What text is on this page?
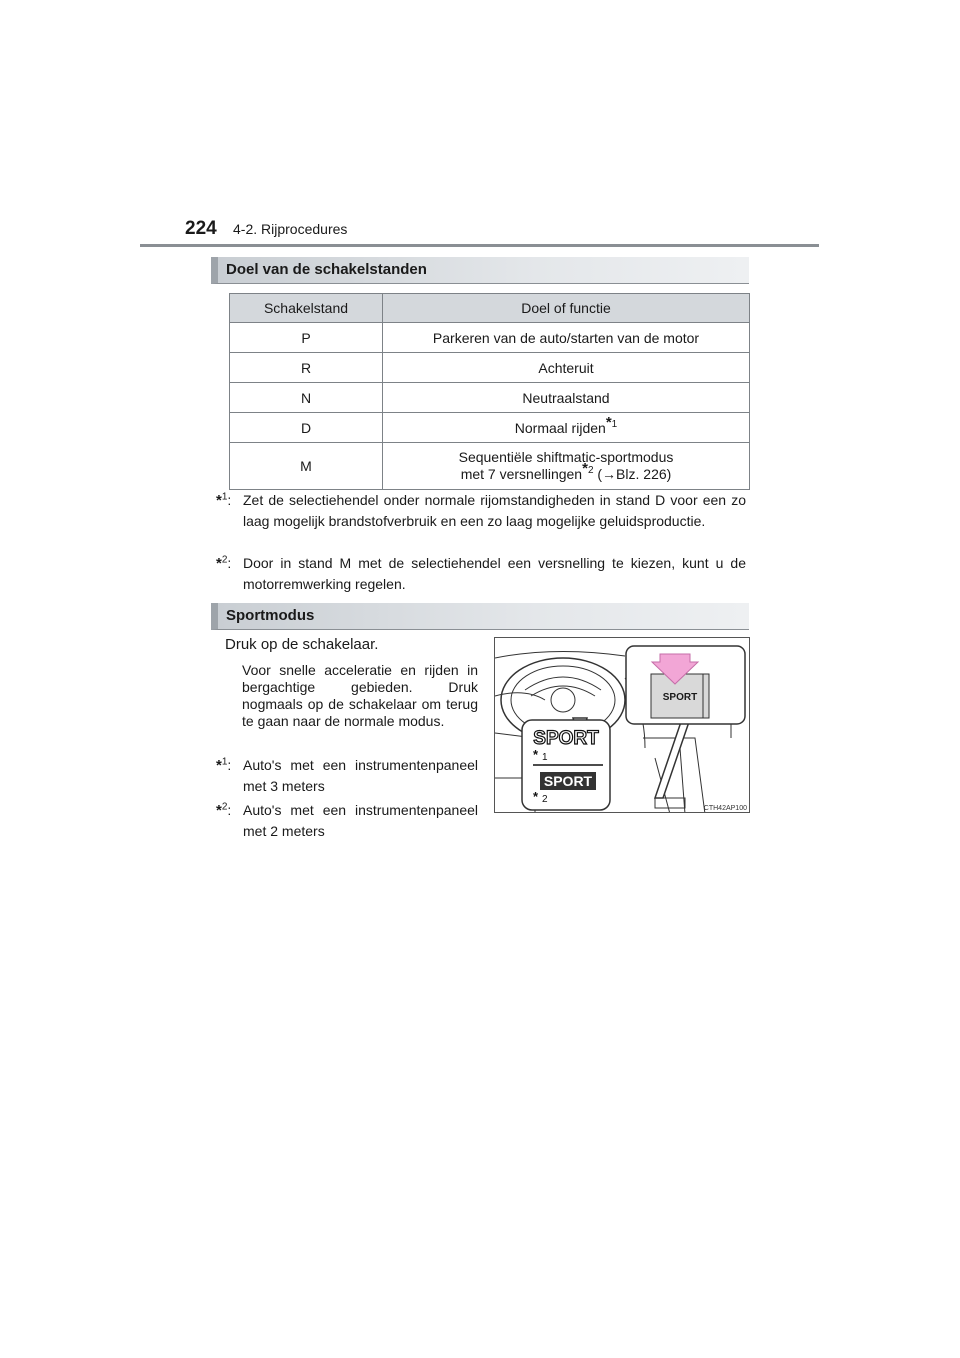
224 4-2. Rijprocedures
Doel van de schakelstanden
Schakelstand	Doel of functie
P	Parkeren van de auto/starten van de motor
R	Achteruit
N	Neutraalstand
D	Normaal rijden$^{*1}$
M	Sequentiële shiftmatic-sportmodus
met 7 versnellingen$^{*2}$ (→Blz. 226)
*$^1$: Zet de selectiehendel onder normale rijomstandigheden in stand D voor een zo laag mogelijk brandstofverbruik en een zo laag mogelijke geluidsproductie.
*$^2$: Door in stand M met de selectiehendel een versnelling te kiezen, kunt u de motorremwerking regelen.
Sportmodus
Druk op de schakelaar.
Voor snelle acceleratie en rijden in bergachtige gebieden. Druk nogmaals op de schakelaar om terug te gaan naar de normale modus.
*$^1$: Auto's met een instrumentenpaneel met 3 meters
*$^2$: Auto's met een instrumentenpaneel met 2 meters
SPORT
SPORT
* 1
SPORT
* 2
CTH42AP100
